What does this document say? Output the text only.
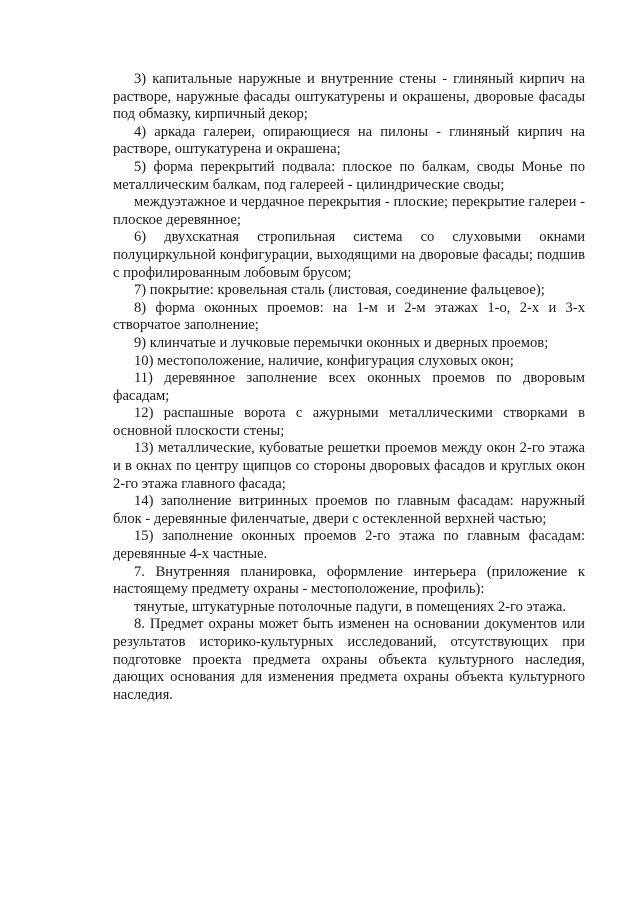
3) капитальные наружные и внутренние стены - глиняный кирпич на растворе, наружные фасады оштукатурены и окрашены, дворовые фасады под обмазку, кирпичный декор;

4) аркада галереи, опирающиеся на пилоны - глиняный кирпич на растворе, оштукатурена и окрашена;

5) форма перекрытий подвала: плоское по балкам, своды Монье по металлическим балкам, под галереей - цилиндрические своды;

междуэтажное и чердачное перекрытия - плоские; перекрытие галереи - плоское деревянное;

6) двухскатная стропильная система со слуховыми окнами полуциркульной конфигурации, выходящими на дворовые фасады; подшив с профилированным лобовым брусом;

7) покрытие: кровельная сталь (листовая, соединение фальцевое);

8) форма оконных проемов: на 1-м и 2-м этажах 1-о, 2-х и 3-х створчатое заполнение;

9) клинчатые и лучковые перемычки оконных и дверных проемов;

10) местоположение, наличие, конфигурация слуховых окон;

11) деревянное заполнение всех оконных проемов по дворовым фасадам;

12) распашные ворота с ажурными металлическими створками в основной плоскости стены;

13) металлические, кубоватые решетки проемов между окон 2-го этажа и в окнах по центру щипцов со стороны дворовых фасадов и круглых окон 2-го этажа главного фасада;

14) заполнение витринных проемов по главным фасадам: наружный блок - деревянные филенчатые, двери с остекленной верхней частью;

15) заполнение оконных проемов 2-го этажа по главным фасадам: деревянные 4-х частные.

7. Внутренняя планировка, оформление интерьера (приложение к настоящему предмету охраны - местоположение, профиль):

тянутые, штукатурные потолочные падуги, в помещениях 2-го этажа.

8. Предмет охраны может быть изменен на основании документов или результатов историко-культурных исследований, отсутствующих при подготовке проекта предмета охраны объекта культурного наследия, дающих основания для изменения предмета охраны объекта культурного наследия.
